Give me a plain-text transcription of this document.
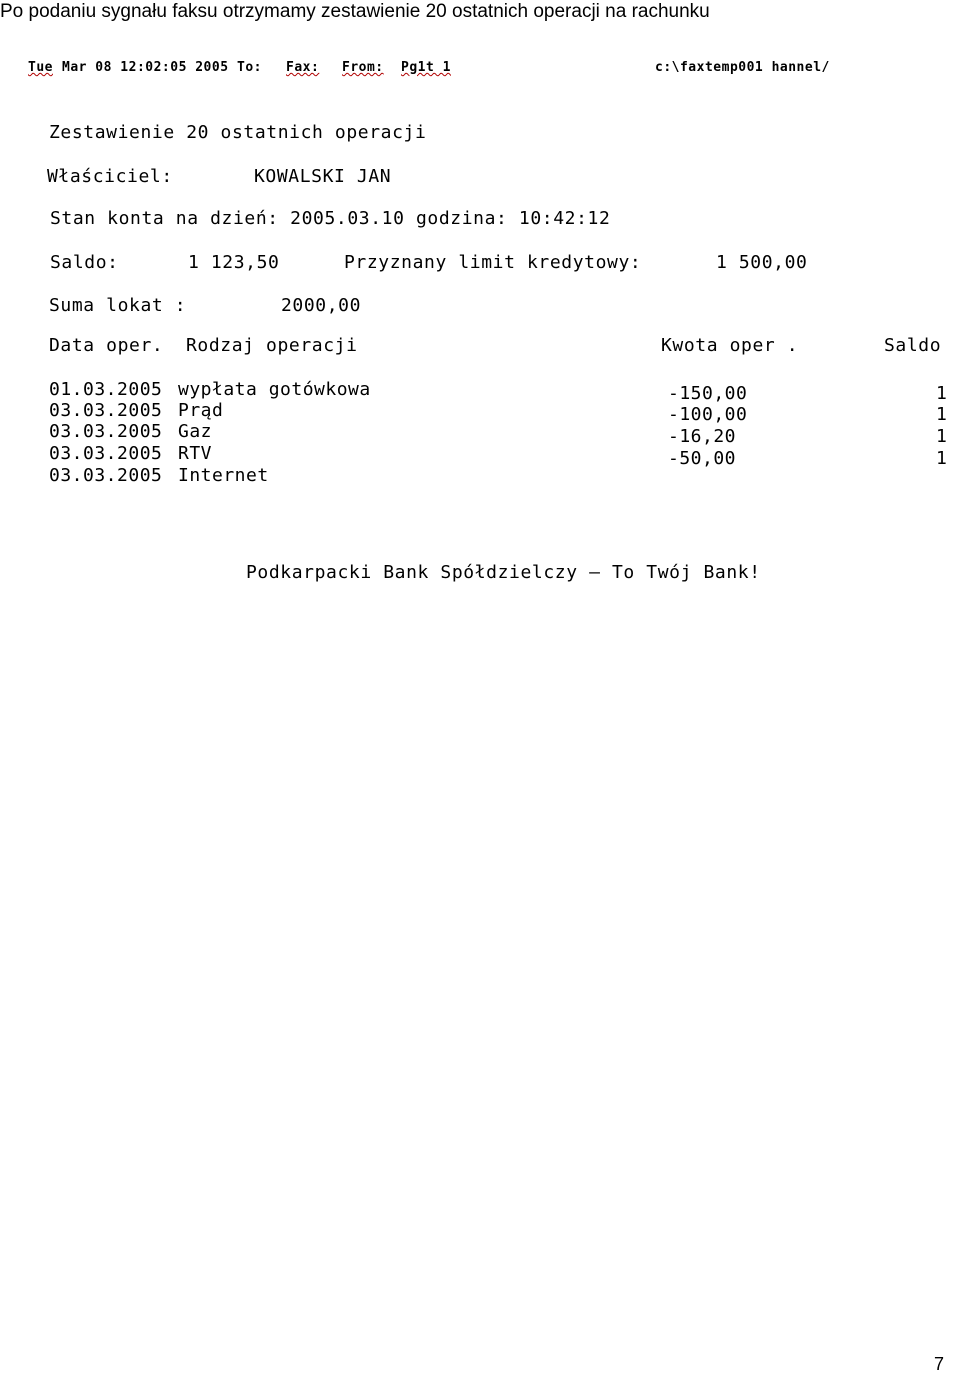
Po podaniu sygnału faksu otrzymamy zestawienie 20 ostatnich operacji na rachunku
Tue Mar 08 12:02:05 2005 To: Fax: From: Pg1t 1	c:\faxtemp001 hannel/
Zestawienie 20 ostatnich operacji
Właściciel:	KOWALSKI JAN
Stan konta na dzień: 2005.03.10 godzina: 10:42:12
Saldo:	1 123,50	Przyznany limit kredytowy:	1 500,00
Suma lokat :	2000,00
Data oper. Rodzaj operacji	Kwota oper .	Saldo
01.03.2005 wypłata gotówkowa	-150,00	1
03.03.2005 Prąd	-100,00	1
03.03.2005 Gaz	-16,20	1
03.03.2005 RTV	-50,00	1
03.03.2005 Internet
Podkarpacki Bank Spółdzielczy — To Twój Bank!
7
